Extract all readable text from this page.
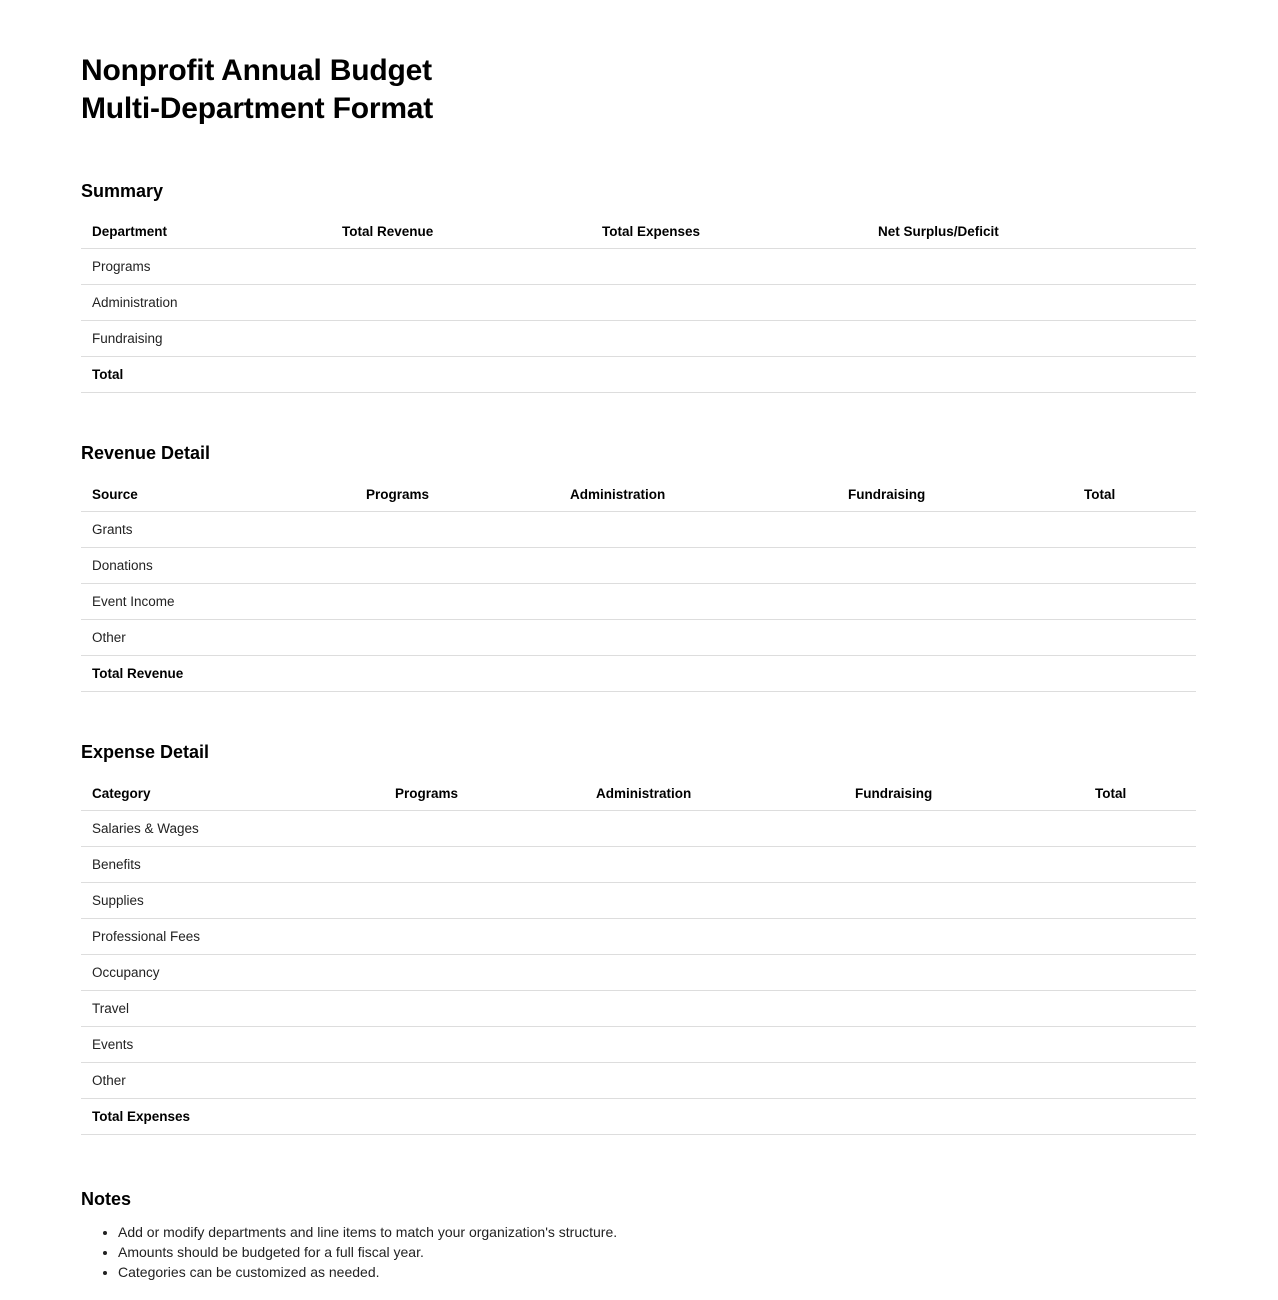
Nonprofit Annual Budget
Multi-Department Format
Summary
Department	Total Revenue	Total Expenses	Net Surplus/Deficit
Programs			
Administration			
Fundraising			
Total			
Revenue Detail
Source	Programs	Administration	Fundraising	Total
Grants				
Donations				
Event Income				
Other				
Total Revenue				
Expense Detail
Category	Programs	Administration	Fundraising	Total
Salaries & Wages				
Benefits				
Supplies				
Professional Fees				
Occupancy				
Travel				
Events				
Other				
Total Expenses				
Notes
• Add or modify departments and line items to match your organization's structure.
• Amounts should be budgeted for a full fiscal year.
• Categories can be customized as needed.
